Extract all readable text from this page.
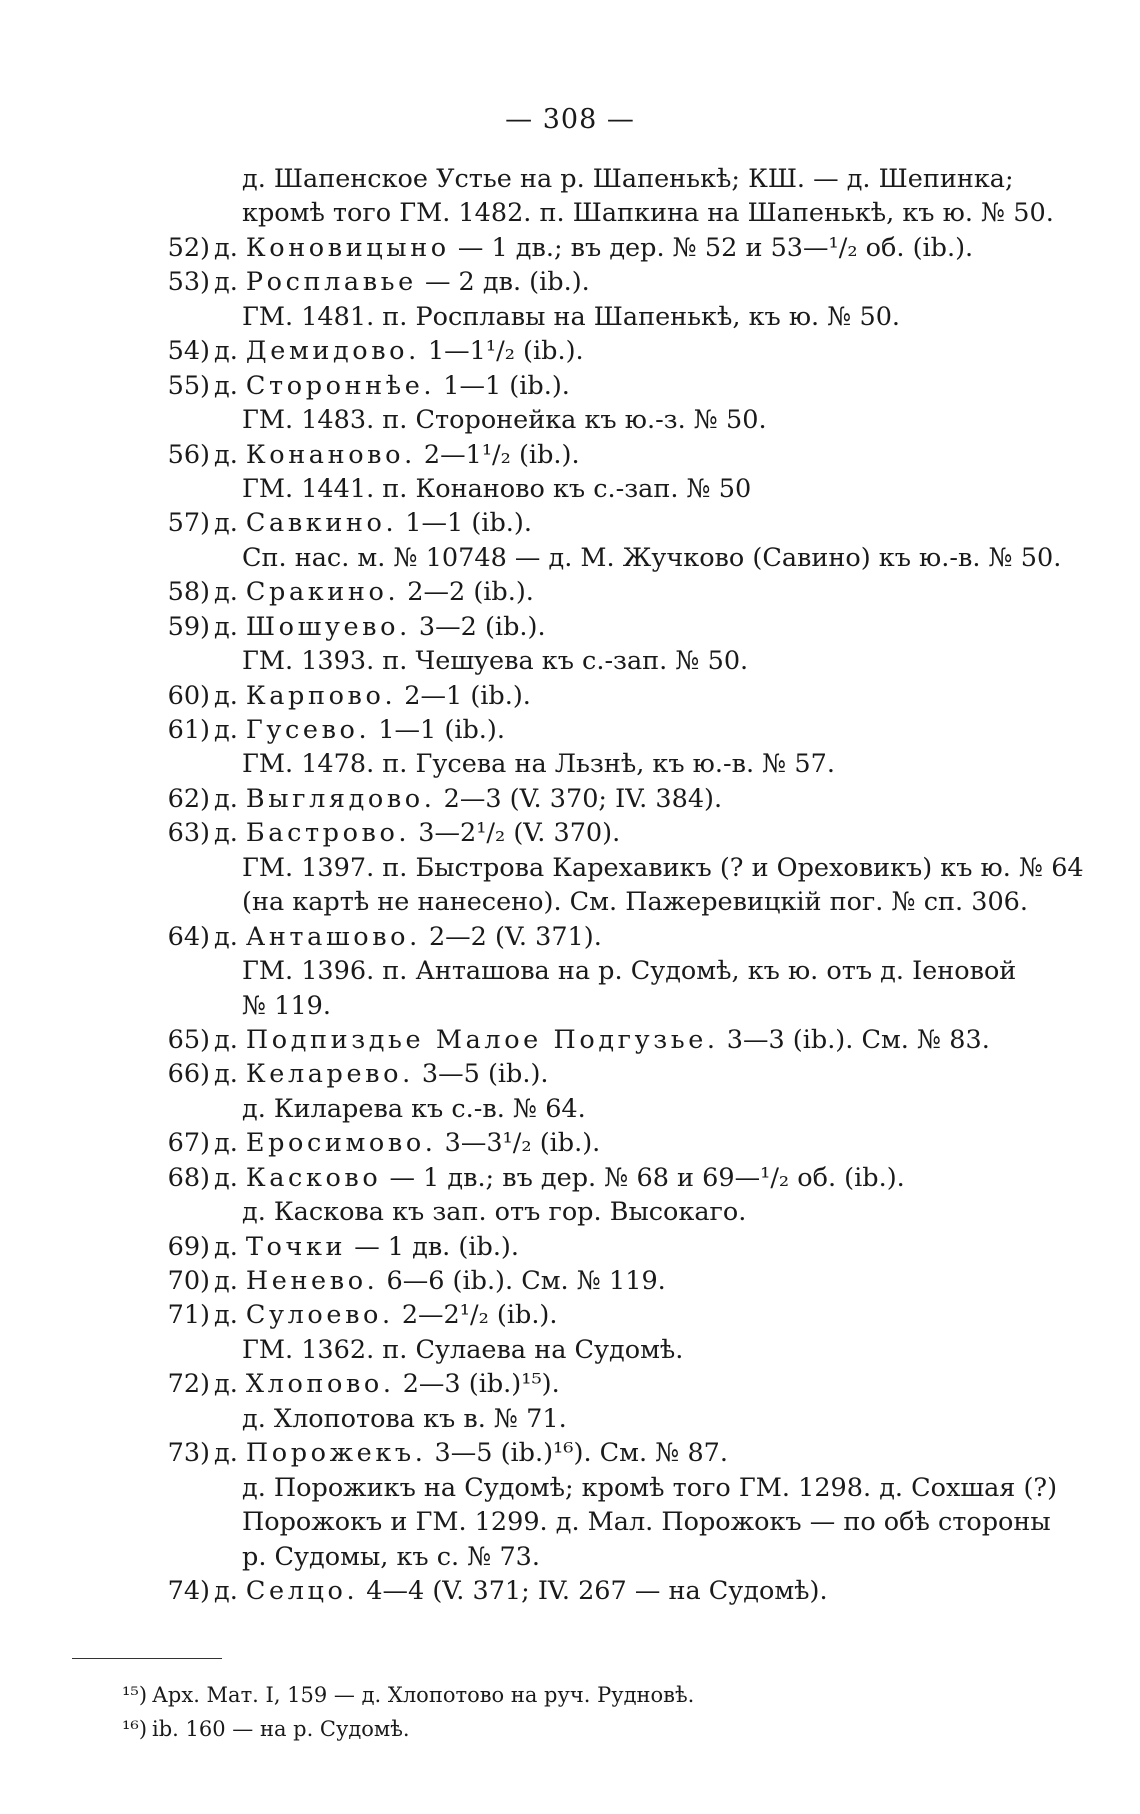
— 308 —
д. Шапенское Устье на р. Шапенькѣ; КШ. — д. Шепинка;
кромѣ того ГМ. 1482. п. Шапкина на Шапенькѣ, къ ю. № 50.
52) д. Коновицыно — 1 дв.; въ дер. № 52 и 53—¹/₂ об. (ib.).
53) д. Росплавье — 2 дв. (ib.).
ГМ. 1481. п. Росплавы на Шапенькѣ, къ ю. № 50.
54) д. Демидово. 1—1¹/₂ (ib.).
55) д. Стороннѣе. 1—1 (ib.).
ГМ. 1483. п. Сторонейка къ ю.-з. № 50.
56) д. Конаново. 2—1¹/₂ (ib.).
ГМ. 1441. п. Конаново къ с.-зап. № 50
57) д. Савкино. 1—1 (ib.).
Сп. нас. м. № 10748 — д. М. Жучково (Савино) къ ю.-в. № 50.
58) д. Сракино. 2—2 (ib.).
59) д. Шошуево. 3—2 (ib.).
ГМ. 1393. п. Чешуева къ с.-зап. № 50.
60) д. Карпово. 2—1 (ib.).
61) д. Гусево. 1—1 (ib.).
ГМ. 1478. п. Гусева на Льзнѣ, къ ю.-в. № 57.
62) д. Выглядово. 2—3 (V. 370; IV. 384).
63) д. Бастрово. 3—2¹/₂ (V. 370).
ГМ. 1397. п. Быстрова Карехавикъ (? и Ореховикъ) къ ю. № 64
(на картѣ не нанесено). См. Пажеревицкiй пог. № сп. 306.
64) д. Анташово. 2—2 (V. 371).
ГМ. 1396. п. Анташова на р. Судомѣ, къ ю. отъ д. Iеновой
№ 119.
65) д. Подпиздье Малое Подгузье. 3—3 (ib.). См. № 83.
66) д. Келарево. 3—5 (ib.).
д. Киларева къ с.-в. № 64.
67) д. Еросимово. 3—3¹/₂ (ib.).
68) д. Касково — 1 дв.; въ дер. № 68 и 69—¹/₂ об. (ib.).
д. Каскова къ зап. отъ гор. Высокаго.
69) д. Точки — 1 дв. (ib.).
70) д. Ненево. 6—6 (ib.). См. № 119.
71) д. Сулоево. 2—2¹/₂ (ib.).
ГМ. 1362. п. Сулаева на Судомѣ.
72) д. Хлопово. 2—3 (ib.)¹⁵).
д. Хлопотова къ в. № 71.
73) д. Порожекъ. 3—5 (ib.)¹⁶). См. № 87.
д. Порожикъ на Судомѣ; кромѣ того ГМ. 1298. д. Сохшая (?)
Порожокъ и ГМ. 1299. д. Мал. Порожокъ — по обѣ стороны
р. Судомы, къ с. № 73.
74) д. Селцо. 4—4 (V. 371; IV. 267 — на Судомѣ).
¹⁵) Арх. Мат. I, 159 — д. Хлопотово на руч. Рудновѣ.
¹⁶) ib. 160 — на р. Судомѣ.
